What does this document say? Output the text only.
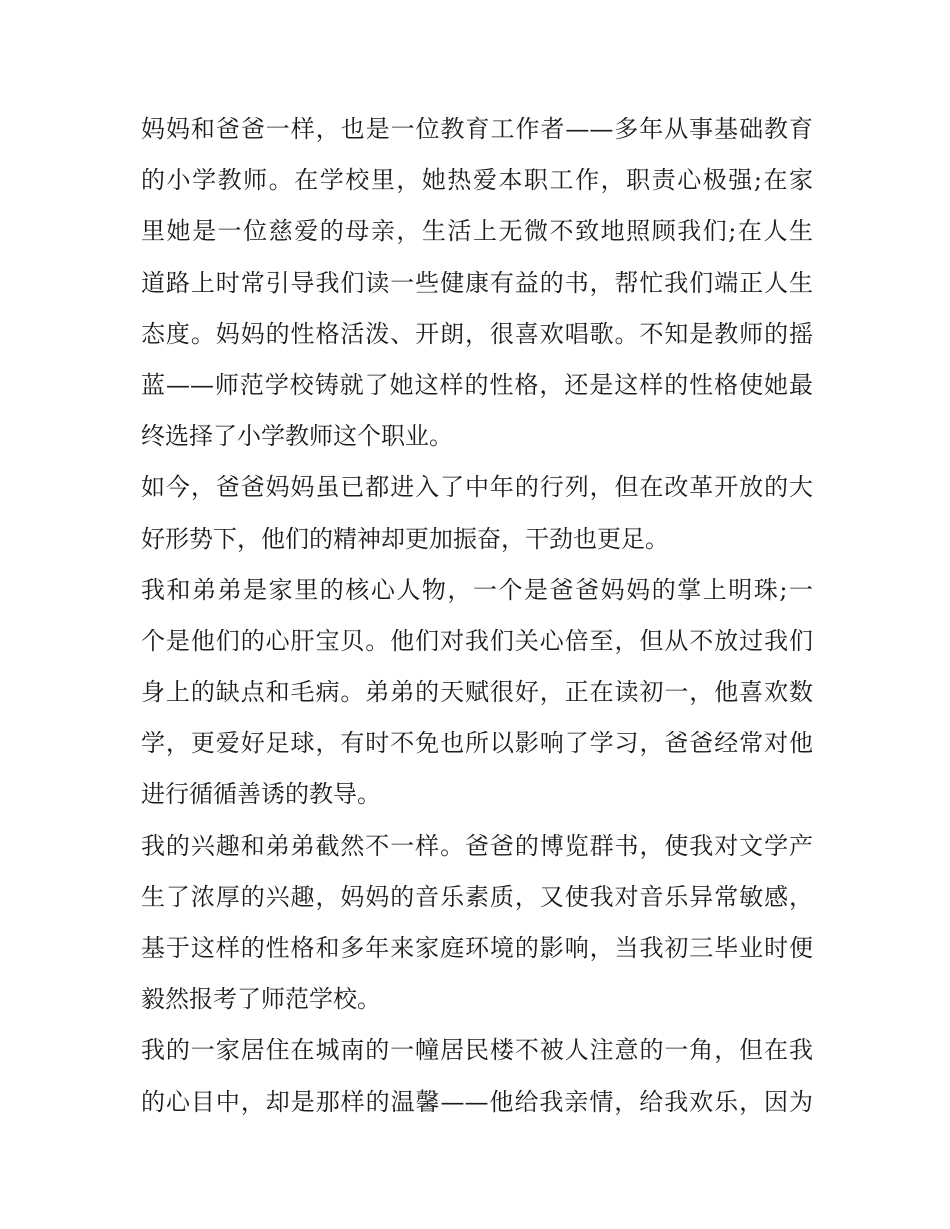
妈妈和爸爸一样，也是一位教育工作者——多年从事基础教育
的小学教师。在学校里，她热爱本职工作，职责心极强;在家
里她是一位慈爱的母亲，生活上无微不致地照顾我们;在人生
道路上时常引导我们读一些健康有益的书，帮忙我们端正人生
态度。妈妈的性格活泼、开朗，很喜欢唱歌。不知是教师的摇
蓝——师范学校铸就了她这样的性格，还是这样的性格使她最
终选择了小学教师这个职业。
如今，爸爸妈妈虽已都进入了中年的行列，但在改革开放的大
好形势下，他们的精神却更加振奋，干劲也更足。
我和弟弟是家里的核心人物，一个是爸爸妈妈的掌上明珠;一
个是他们的心肝宝贝。他们对我们关心倍至，但从不放过我们
身上的缺点和毛病。弟弟的天赋很好，正在读初一，他喜欢数
学，更爱好足球，有时不免也所以影响了学习，爸爸经常对他
进行循循善诱的教导。
我的兴趣和弟弟截然不一样。爸爸的博览群书，使我对文学产
生了浓厚的兴趣，妈妈的音乐素质，又使我对音乐异常敏感，
基于这样的性格和多年来家庭环境的影响，当我初三毕业时便
毅然报考了师范学校。
我的一家居住在城南的一幢居民楼不被人注意的一角，但在我
的心目中，却是那样的温馨——他给我亲情，给我欢乐，因为
